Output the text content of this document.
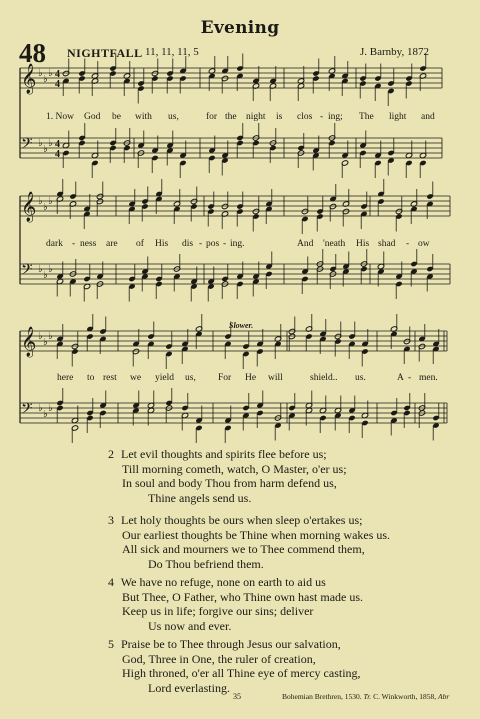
Evening
48 NIGHTFALL 11, 11, 11, 5	J. Barnby, 1872
𝄞 ♭
♭
♭ 4
4
𝄢 ♭
♭
♭ 4
4
𝄞 ♭
♭
♭
𝄢 ♭
♭
♭
𝄞 ♭
♭
♭
𝄢 ♭
♭
♭
Slower.
1. Now God be with us,	for the night is clos - ing; The light and
dark - ness are of His dis - pos - ing.	And 'neath His shad - ow
here to rest we yield us, For He will	shield.. us.	A - men.
2 Let evil thoughts and spirits flee before us;
Till morning cometh, watch, O Master, o'er us;
In soul and body Thou from harm defend us,
Thine angels send us.
3 Let holy thoughts be ours when sleep o'ertakes us;
Our earliest thoughts be Thine when morning wakes us.
All sick and mourners we to Thee commend them,
Do Thou befriend them.
4 We have no refuge, none on earth to aid us
But Thee, O Father, who Thine own hast made us.
Keep us in life; forgive our sins; deliver
Us now and ever.
5 Praise be to Thee through Jesus our salvation,
God, Three in One, the ruler of creation,
High throned, o'er all Thine eye of mercy casting,
Lord everlasting.
35	Bohemian Brethren, 1530. Tr. C. Winkworth, 1858, Abr
